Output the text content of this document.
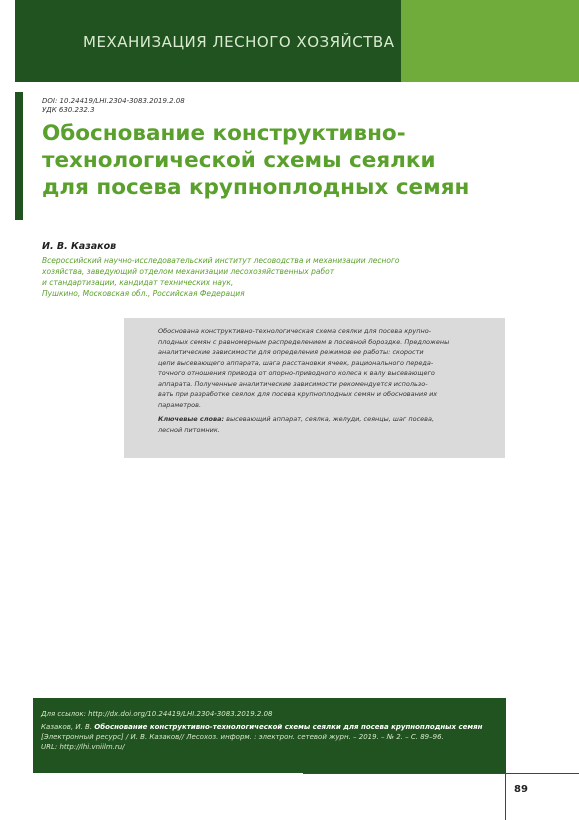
МЕХАНИЗАЦИЯ ЛЕСНОГО ХОЗЯЙСТВА
DOI: 10.24419/LHI.2304-3083.2019.2.08
УДК 630.232.3
Обоснование конструктивно-
технологической схемы сеялки
для посева крупноплодных семян
И. В. Казаков
Всероссийский научно-исследовательский институт лесоводства и механизации лесного
хозяйства, заведующий отделом механизации лесохозяйственных работ
и стандартизации, кандидат технических наук,
Пушкино, Московская обл., Российская Федерация
Обоснована конструктивно-технологическая схема сеялки для посева крупно-
плодных семян с равномерным распределением в посевной бороздке. Предложены
аналитические зависимости для определения режимов ее работы: скорости
цепи высевающего аппарата, шага расстановки ячеек, рационального переда-
точного отношения привода от опорно-приводного колеса к валу высевающего
аппарата. Полученные аналитические зависимости рекомендуется использо-
вать при разработке сеялок для посева крупноплодных семян и обоснования их
параметров.
Ключевые слова: высевающий аппарат, сеялка, желуди, сеянцы, шаг посева,
лесной питомник.
Для ссылок: http://dx.doi.org/10.24419/LHI.2304-3083.2019.2.08
Казаков, И. В. Обоснование конструктивно-технологической схемы сеялки для посева крупноплодных семян
[Электронный ресурс] / И. В. Казаков// Лесохоз. информ. : электрон. сетевой журн. – 2019. – № 2. – С. 89–96.
URL: http://lhi.vniilm.ru/
89
